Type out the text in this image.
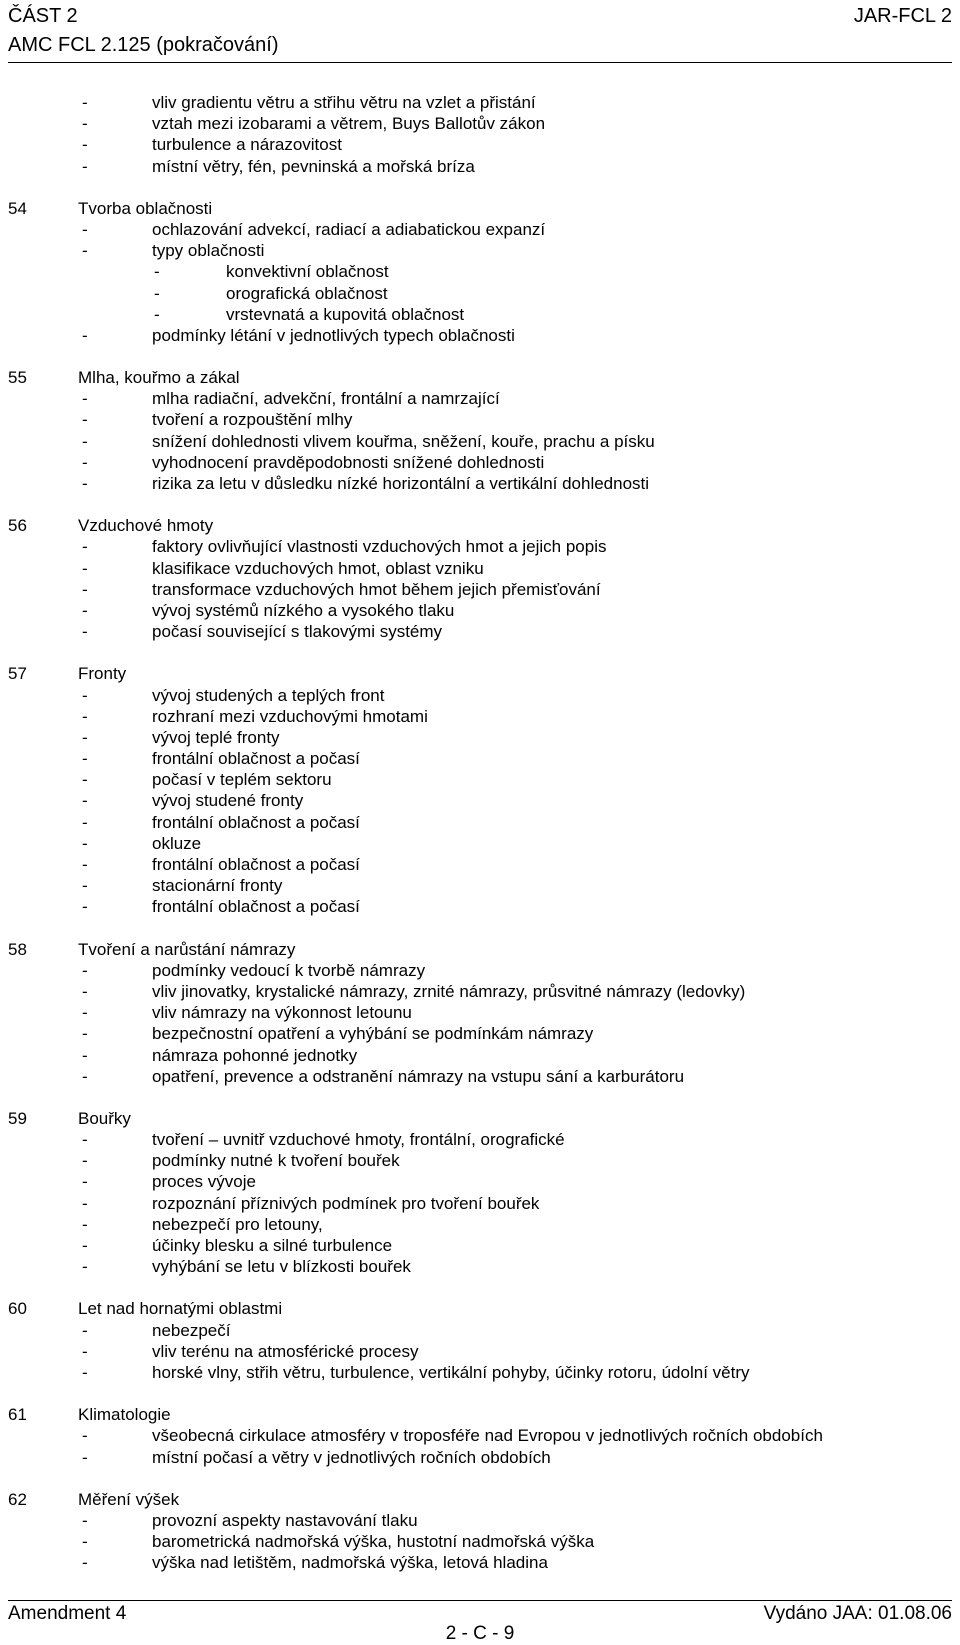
ČÁST 2	JAR-FCL 2
AMC FCL 2.125 (pokračování)
-	vliv gradientu větru a střihu větru na vzlet a přistání
-	vztah mezi izobarami a větrem, Buys Ballotův zákon
-	turbulence a nárazovitost
-	místní větry, fén, pevninská a mořská bríza
54	Tvorba oblačnosti
-	ochlazování advekcí, radiací a adiabatickou expanzí
-	typy oblačnosti
-	konvektivní oblačnost
-	orografická oblačnost
-	vrstevnatá a kupovitá oblačnost
-	podmínky létání v jednotlivých typech oblačnosti
55	Mlha, kouřmo a zákal
-	mlha radiační, advekční, frontální a namrzající
-	tvoření a rozpouštění mlhy
-	snížení dohlednosti vlivem kouřma, sněžení, kouře, prachu a písku
-	vyhodnocení pravděpodobnosti snížené dohlednosti
-	rizika za letu v důsledku nízké horizontální a vertikální dohlednosti
56	Vzduchové hmoty
-	faktory ovlivňující vlastnosti vzduchových hmot a jejich popis
-	klasifikace vzduchových hmot, oblast vzniku
-	transformace vzduchových hmot během jejich přemisťování
-	vývoj systémů nízkého a vysokého tlaku
-	počasí související s tlakovými systémy
57	Fronty
-	vývoj studených a teplých front
-	rozhraní mezi vzduchovými hmotami
-	vývoj teplé fronty
-	frontální oblačnost a počasí
-	počasí v teplém sektoru
-	vývoj studené fronty
-	frontální oblačnost a počasí
-	okluze
-	frontální oblačnost a počasí
-	stacionární fronty
-	frontální oblačnost a počasí
58	Tvoření a narůstání námrazy
-	podmínky vedoucí k tvorbě námrazy
-	vliv jinovatky, krystalické námrazy, zrnité námrazy, průsvitné námrazy (ledovky)
-	vliv námrazy na výkonnost letounu
-	bezpečnostní opatření a vyhýbání se podmínkám námrazy
-	námraza pohonné jednotky
-	opatření, prevence a odstranění námrazy na vstupu sání a karburátoru
59	Bouřky
-	tvoření – uvnitř vzduchové hmoty, frontální, orografické
-	podmínky nutné k tvoření bouřek
-	proces vývoje
-	rozpoznání příznivých podmínek pro tvoření bouřek
-	nebezpečí pro letouny,
-	účinky blesku a silné turbulence
-	vyhýbání se letu v blízkosti bouřek
60	Let nad hornatými oblastmi
-	nebezpečí
-	vliv terénu na atmosférické procesy
-	horské vlny, střih větru, turbulence, vertikální pohyby, účinky rotoru, údolní větry
61	Klimatologie
-	všeobecná cirkulace atmosféry v troposféře nad Evropou v jednotlivých ročních obdobích
-	místní počasí a větry v jednotlivých ročních obdobích
62	Měření výšek
-	provozní aspekty nastavování tlaku
-	barometrická nadmořská výška, hustotní nadmořská výška
-	výška nad letištěm, nadmořská výška, letová hladina
Amendment 4	Vydáno JAA: 01.08.06
2 - C - 9
